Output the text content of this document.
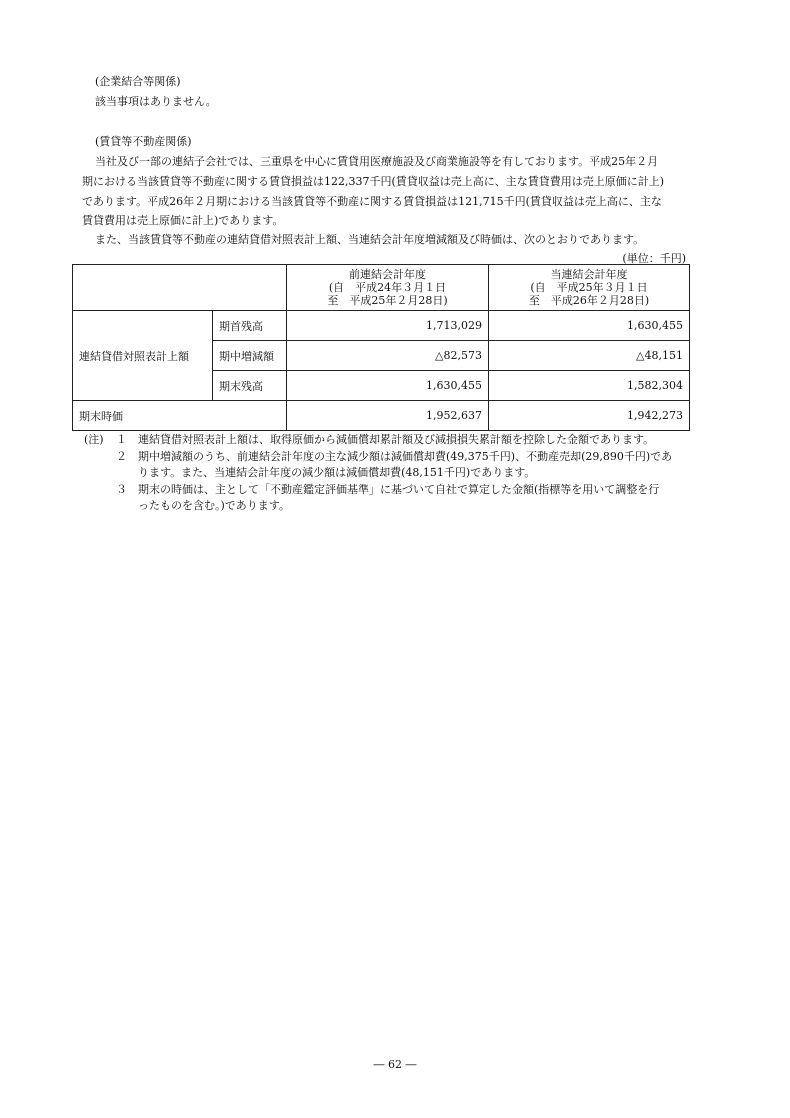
(企業結合等関係)
該当事項はありません。
(賃貸等不動産関係)
当社及び一部の連結子会社では、三重県を中心に賃貸用医療施設及び商業施設等を有しております。平成25年２月
期における当該賃貸等不動産に関する賃貸損益は122,337千円(賃貸収益は売上高に、主な賃貸費用は売上原価に計上)
であります。平成26年２月期における当該賃貸等不動産に関する賃貸損益は121,715千円(賃貸収益は売上高に、主な
賃貸費用は売上原価に計上)であります。
また、当該賃貸等不動産の連結貸借対照表計上額、当連結会計年度増減額及び時価は、次のとおりであります。
(単位：千円)

		前連結会計年度
(自　平成24年３月１日
至　平成25年２月28日)	当連結会計年度
(自　平成25年３月１日
至　平成26年２月28日)

連結貸借対照表計上額	期首残高	1,713,029	1,630,455
	期中増減額	△82,573	△48,151
	期末残高	1,630,455	1,582,304
期末時価		1,952,637	1,942,273
(注) １ 連結貸借対照表計上額は、取得原価から減価償却累計額及び減損損失累計額を控除した金額であります。
２ 期中増減額のうち、前連結会計年度の主な減少額は減価償却費(49,375千円)、不動産売却(29,890千円)であ
ります。また、当連結会計年度の減少額は減価償却費(48,151千円)であります。
３ 期末の時価は、主として「不動産鑑定評価基準」に基づいて自社で算定した金額(指標等を用いて調整を行
ったものを含む。)であります。
― 62 ―
